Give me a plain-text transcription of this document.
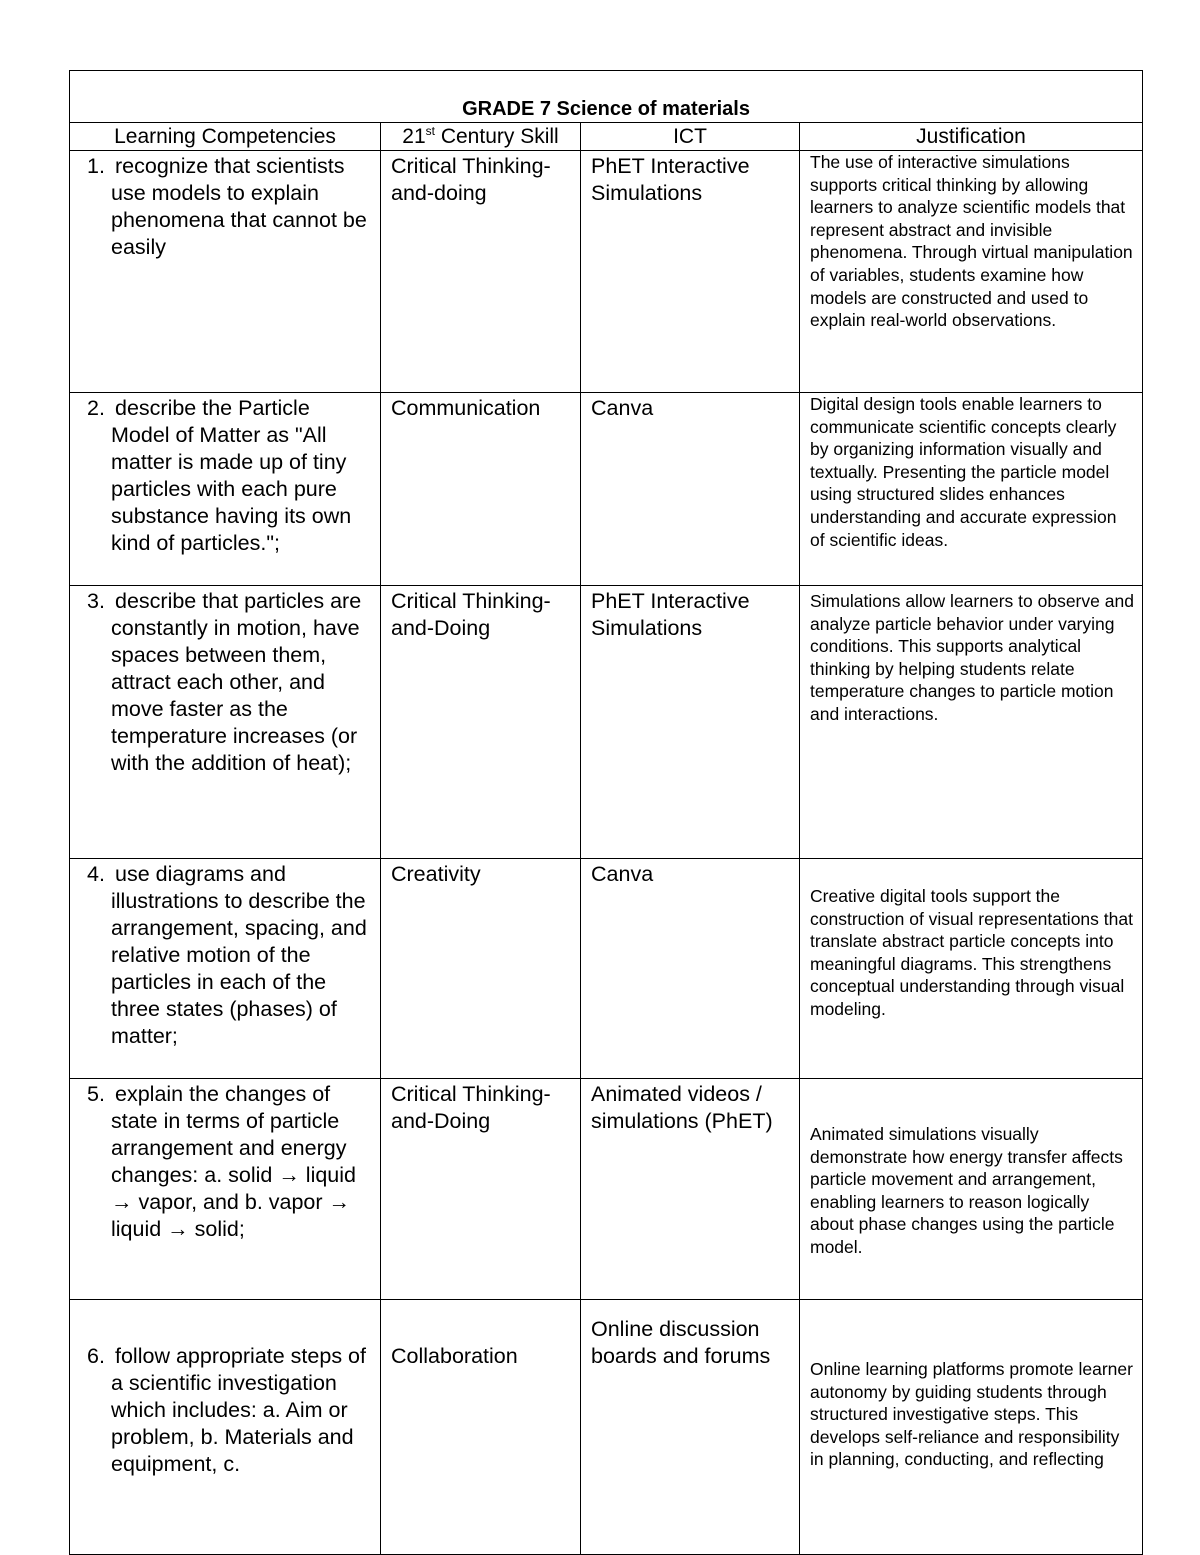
GRADE 7 Science of materials			
Learning Competencies	21st Century Skill	ICT	Justification
1. recognize that scientists use models to explain phenomena that cannot be easily	Critical Thinking-and-doing	PhET Interactive Simulations	The use of interactive simulations supports critical thinking by allowing learners to analyze scientific models that represent abstract and invisible phenomena. Through virtual manipulation of variables, students examine how models are constructed and used to explain real-world observations.
2. describe the Particle Model of Matter as "All matter is made up of tiny particles with each pure substance having its own kind of particles.";	Communication	Canva	Digital design tools enable learners to communicate scientific concepts clearly by organizing information visually and textually. Presenting the particle model using structured slides enhances understanding and accurate expression of scientific ideas.
3. describe that particles are constantly in motion, have spaces between them, attract each other, and move faster as the temperature increases (or with the addition of heat);	Critical Thinking-and-Doing	PhET Interactive Simulations	Simulations allow learners to observe and analyze particle behavior under varying conditions. This supports analytical thinking by helping students relate temperature changes to particle motion and interactions.
4. use diagrams and illustrations to describe the arrangement, spacing, and relative motion of the particles in each of the three states (phases) of matter;	Creativity	Canva	Creative digital tools support the construction of visual representations that translate abstract particle concepts into meaningful diagrams. This strengthens conceptual understanding through visual modeling.
5. explain the changes of state in terms of particle arrangement and energy changes: a. solid → liquid → vapor, and b. vapor → liquid → solid;	Critical Thinking-and-Doing	Animated videos / simulations (PhET)	Animated simulations visually demonstrate how energy transfer affects particle movement and arrangement, enabling learners to reason logically about phase changes using the particle model.
6. follow appropriate steps of a scientific investigation which includes: a. Aim or problem, b. Materials and equipment, c.	Collaboration	Online discussion boards and forums	Online learning platforms promote learner autonomy by guiding students through structured investigative steps. This develops self-reliance and responsibility in planning, conducting, and reflecting
